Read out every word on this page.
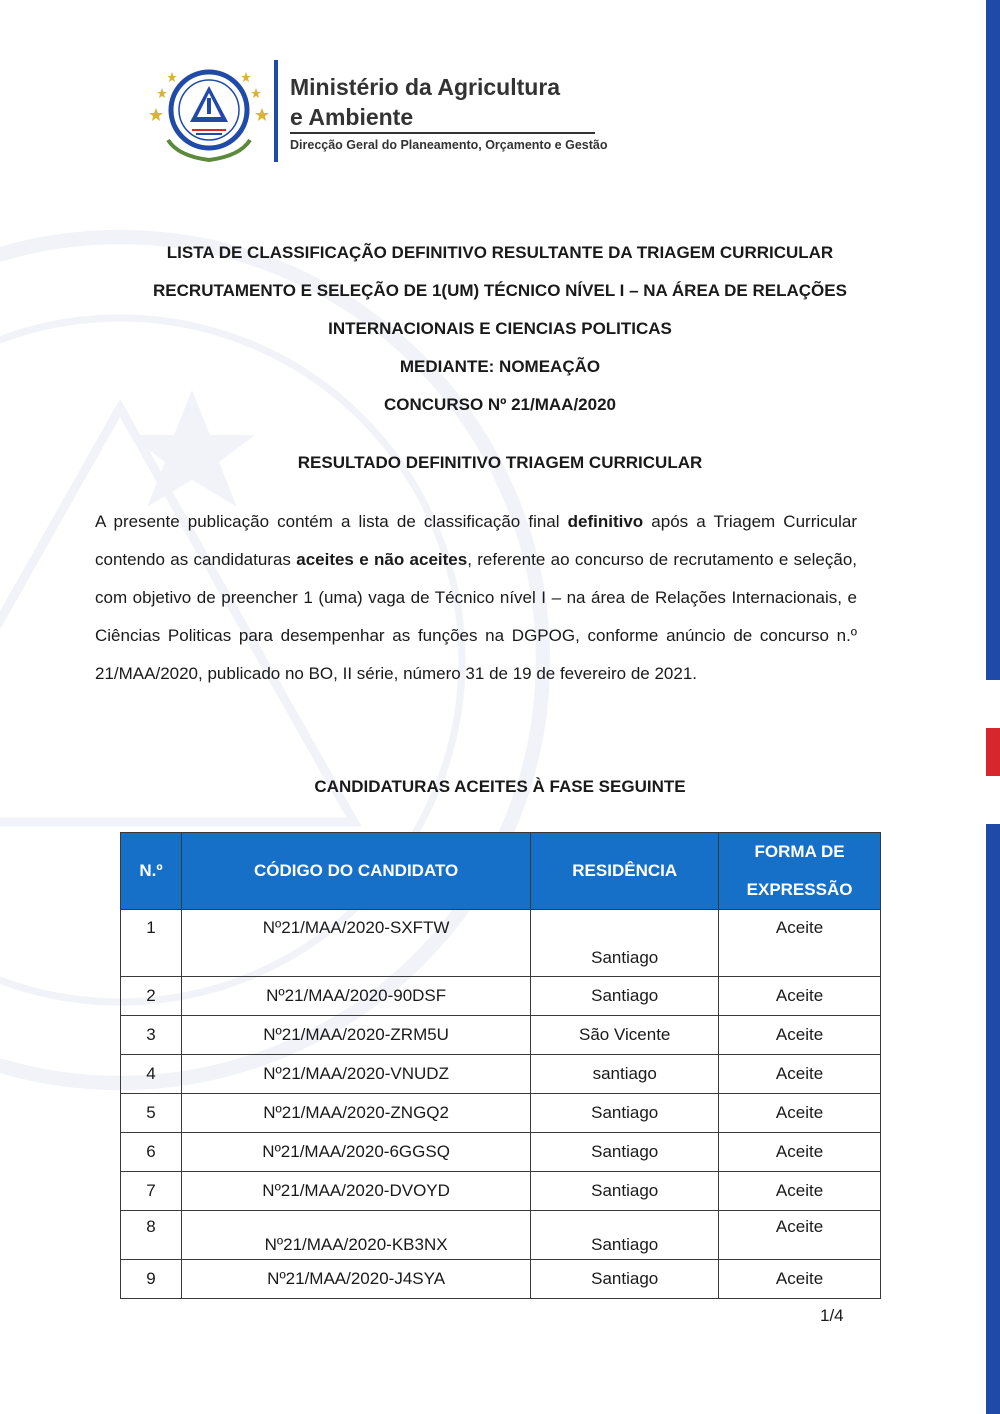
Ministério da Agricultura
e Ambiente
Direcção Geral do Planeamento, Orçamento e Gestão
LISTA DE CLASSIFICAÇÃO DEFINITIVO RESULTANTE DA TRIAGEM CURRICULAR
RECRUTAMENTO E SELEÇÃO DE 1(UM) TÉCNICO NÍVEL I – NA ÁREA DE RELAÇÕES
INTERNACIONAIS E CIENCIAS POLITICAS
MEDIANTE: NOMEAÇÃO
CONCURSO Nº 21/MAA/2020
RESULTADO DEFINITIVO TRIAGEM CURRICULAR
A presente publicação contém a lista de classificação final definitivo após a Triagem Curricular contendo as candidaturas aceites e não aceites, referente ao concurso de recrutamento e seleção, com objetivo de preencher 1 (uma) vaga de Técnico nível I – na área de Relações Internacionais, e Ciências Politicas para desempenhar as funções na DGPOG, conforme anúncio de concurso n.º 21/MAA/2020, publicado no BO, II série, número 31 de 19 de fevereiro de 2021.
CANDIDATURAS ACEITES À FASE SEGUINTE
N.º	CÓDIGO DO CANDIDATO	RESIDÊNCIA	FORMA DE
EXPRESSÃO
1	Nº21/MAA/2020-SXFTW	Santiago	Aceite
2	Nº21/MAA/2020-90DSF	Santiago	Aceite
3	Nº21/MAA/2020-ZRM5U	São Vicente	Aceite
4	Nº21/MAA/2020-VNUDZ	santiago	Aceite
5	Nº21/MAA/2020-ZNGQ2	Santiago	Aceite
6	Nº21/MAA/2020-6GGSQ	Santiago	Aceite
7	Nº21/MAA/2020-DVOYD	Santiago	Aceite
8	Nº21/MAA/2020-KB3NX	Santiago	Aceite
9	Nº21/MAA/2020-J4SYA	Santiago	Aceite
1/4
